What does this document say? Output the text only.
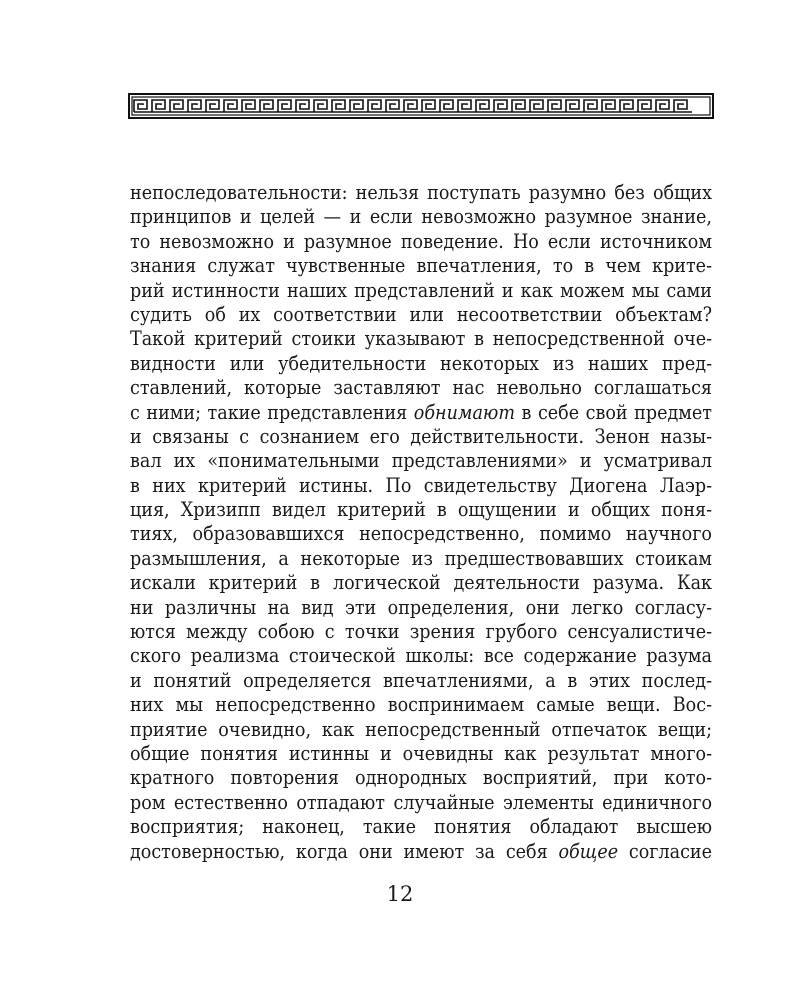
непоследовательности: нельзя поступать разумно без общих
принципов и целей — и если невозможно разумное знание,
то невозможно и разумное поведение. Но если источником
знания служат чувственные впечатления, то в чем крите-
рий истинности наших представлений и как можем мы сами
судить об их соответствии или несоответствии объектам?
Такой критерий стоики указывают в непосредственной оче-
видности или убедительности некоторых из наших пред-
ставлений, которые заставляют нас невольно соглашаться
с ними; такие представления обнимают в себе свой предмет
и связаны с сознанием его действительности. Зенон назы-
вал их «понимательными представлениями» и усматривал
в них критерий истины. По свидетельству Диогена Лаэр-
ция, Хризипп видел критерий в ощущении и общих поня-
тиях, образовавшихся непосредственно, помимо научного
размышления, а некоторые из предшествовавших стоикам
искали критерий в логической деятельности разума. Как
ни различны на вид эти определения, они легко согласу-
ются между собою с точки зрения грубого сенсуалистиче-
ского реализма стоической школы: все содержание разума
и понятий определяется впечатлениями, а в этих послед-
них мы непосредственно воспринимаем самые вещи. Вос-
приятие очевидно, как непосредственный отпечаток вещи;
общие понятия истинны и очевидны как результат много-
кратного повторения однородных восприятий, при кото-
ром естественно отпадают случайные элементы единичного
восприятия; наконец, такие понятия обладают высшею
достоверностью, когда они имеют за себя общее согласие
12
